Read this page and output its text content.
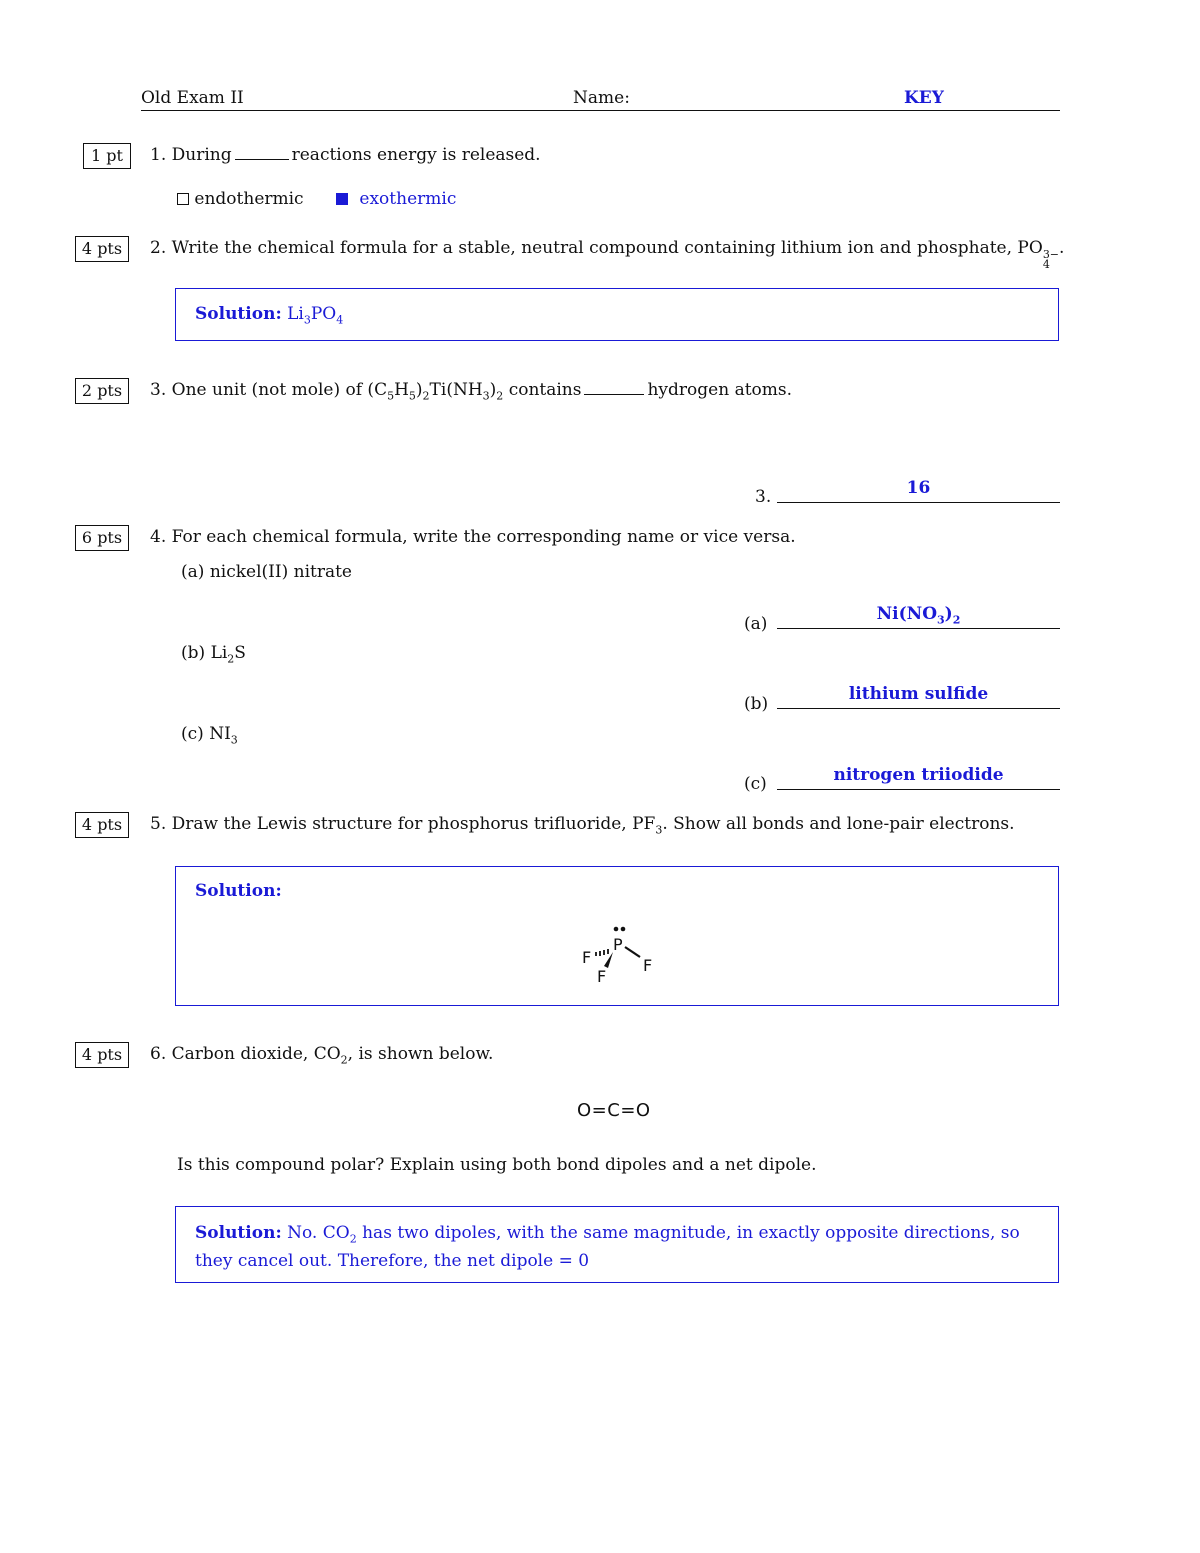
Old Exam II	Name:	KEY
1 pt	1. During	reactions energy is released.
endothermic	exothermic
4 pts	2. Write the chemical formula for a stable, neutral compound containing lithium ion and phosphate, PO 3−
4
.
Solution: $Li_3PO_4$
2 pts	3. One unit (not mole) of $(C_5H_5)_2Ti(NH_3)_2$ contains	hydrogen atoms.
3.	16
6 pts	4. For each chemical formula, write the corresponding name or vice versa.
(a) nickel(II) nitrate
(b) $Li_2S$
(c) $NI_3$
(a)	$Ni(NO_3)_2$
(b)	lithium sulfide
(c)	nitrogen triiodide
4 pts	5. Draw the Lewis structure for phosphorus trifluoride, $PF_3$. Show all bonds and lone-pair electrons.
Solution:
P
F	F
F
4 pts	6. Carbon dioxide, $CO_2$, is shown below.
O=C=O
Is this compound polar? Explain using both bond dipoles and a net dipole.
Solution: No. $CO_2$ has two dipoles, with the same magnitude, in exactly opposite directions, so
they cancel out. Therefore, the net dipole = 0
